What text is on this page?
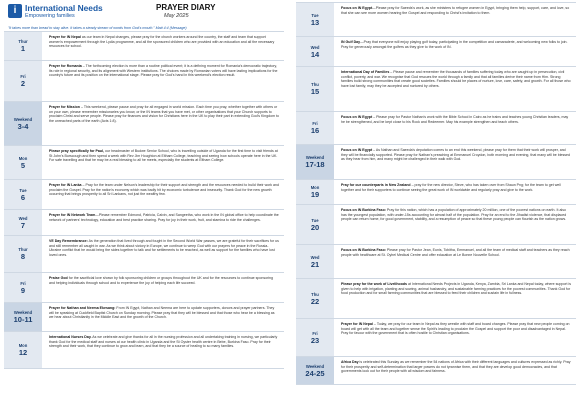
i	International Needs
Empowering families
PRAYER DIARY
May 2025
"It takes more than bread to stay alive. It takes a steady stream of words from God's mouth." Matt 4:4 (Message)
Thur
1
Prayer for IN Nepal as our team in Nepal changes, please pray for the church workers around the country, the staff and team that support women's empowerment through the Lydia programme, and all the sponsored children who are provided with an education and all the necessary resources for school.
Fri
2
Prayer for Romania – The forthcoming election is more than a routine political event; it is a defining moment for Romania's democratic trajectory, its role in regional security, and its alignment with Western institutions. The choices made by Romanian voters will have lasting implications for the country's future and its position on the international stage. Please pray for God's hand in this weekend's election result.
Weekend
3-4
Prayer for Mission – This weekend, please pause and pray for all engaged in world mission. Each time you pray, whether together with others or on your own, please remember missionaries you know, or the IN teams that you have met, or other organisations that your Church supports to proclaim Christ and serve people. Please pray for finances and vision for Christians here in the UK to play their part in extending God's Kingdom to the unreached parts of the earth (Acts 1:8).
Mon
5
Please pray specifically for Paul, our headmaster of Budwe Senior School, who is travelling outside of Uganda for the first time to visit friends at St John's Burscough and then spend a week with Rev Jim Houghton at Eltham College, teaching and seeing how schools operate here in the UK. For safe travelling and that he may be a real blessing to all he meets, especially the students at Eltham College.
Tue
6
Prayer for IN Lanka – Pray for the team under Nelson's leadership for their support and strength and the resources needed to build their work and proclaim the Gospel. Pray for the nation's economy which was badly hit by economic turbulence and insecurity. Thank God for the new growth occurring that brings prosperity to all Sri Lankans, not just the wealthy few.
Wed
7
Prayer for IN Network Team—Please remember Edmond, Patricia, Calvin, and Sangeetha, who work in the IN global office to help coordinate the network of partners' technology, education and best practice sharing. Pray for joy in their work, fruit, and stamina to ride the challenges.
Thur
8
VE Day Remembrance: As the generation that lived through and fought in the Second World War passes, we are grateful for their sacrifices for us and still remember all caught in war. As we think about victory in Europe, we continue to weep God with our prayers for peace in the Russia-Ukraine conflict that he would bring the sides together to talk and for settlements to be reached, as well as support for the families who have lost loved ones.
Fri
9
Praise God for the sacrificial love shown by folk sponsoring children or groups throughout the UK and for the resources to continue sponsoring and helping individuals through school and to experience the joy of helping each life succeed.
Weekend
10-11
Prayer for Nathan and Neema Ekesang: From IN Egypt, Nathan and Neema are here to update supporters, donors and prayer partners. They will be speaking at Cuckfield Baptist Church on Sunday morning. Please pray that they will be blessed and that those who hear be a blessing as we hear about Christianity in the Middle East and the growth of the Church.
Mon
12
International Nurses Day. As we celebrate and give thanks for all in the nursing profession and all undertaking training in nursing, we particularly thank God for the medical staff and nurses at our health clinic in Uganda and the St Oyster health centre in Bebe, Burkina Faso. Pray for their strength and their work, that they continue to grow and learn, and that they be a source of healing to so many families.
Tue
13
Focus on IN Egypt—Please pray for Saeeds's work, as she ministers to refugee women in Egypt, bringing them help, support, care, and love, so that she can see more women hearing the Gospel and responding to Christ's invitation to them.
Wed
14
IN Gulf Day—Pray that everyone will enjoy playing golf today, participating in the competition and camaraderie, and welcoming new folks to join. Pray for generously amongst the golfers as they give to the work of IN.
Thu
15
International Day of Families – Please pause and remember the thousands of families suffering today who are caught up in persecution, civil conflict, poverty, and war. We recognise that God rescues the world through a family and that all families derive their name from Him. Strong families build strong communities that create good societies. Families should be places of nurture, love, care, safety, and growth. For all those who have lost family, may they be accepted and nurtured by others.
Fri
16
Focus on IN Egypt – Please pray for Pastor Nathan's work with the Bible School in Cairo as he trains and teaches young Christian leaders, may he be strengthened, and be kept close to his Rock and Redeemer. May his example strengthen and teach others.
Weekend
17-18
Focus on IN Egypt – As Nathan and Saeeda's deputation comes to an end this weekend, please pray for them that their work will prosper, and they will be financially supported. Please pray for Nathan's preaching at Emmanuel Croydon, both morning and evening, that many will be blessed as they hear from him, and many might be challenged in their walk with God.
Mon
19
Pray for our counterparts in New Zealand – pray for the new director, Steve, who has taken over from Shaun Png; for the team to get well together and for their supporters to continue seeing the great work of IN worldwide and regularly pray and give to the work.
Tue
20
Focus on IN Burkina Faso: Pray for this nation, which has a population of approximately 20 million, one of the poorest nations on earth. It also has the youngest population, with under-15s accounting for almost half of the population. Pray for an end to the Jihadist violence, that displaced people can return home, for good government, stability, and a resumption of peace so that these young people can flourish as the nation grows.
Wed
21
Focus on IN Burkina Faso: Please pray for Pastor Jean, Eunis, Tobitha, Emmanuel, and all the team of medical staff and teachers as they reach people with healthcare at St. Oyhel Medical Centre and offer education at Le Bonne Nouvelle School.
Thu
22
Please pray for the work of Livelihoods at International Needs Projects in Uganda, Kenya, Zambia, Sri Lanka and Nepal today, where support is given to help with irrigation, planting and sowing, animal husbandry, and sustainable farming practices for the poorest communities. Thank God for food production and for small farming communities that are blessed to feed their children and sustain life in fullness.
Fri
23
Prayer for IN Nepal – Today, we pray for our team in Nepal as they wrestle with staff and board changes. Please pray that new people coming on board will get with all the team and together sense the Spirit's leading to proclaim the Gospel and support the poor and disadvantaged in Nepal. Pray for favour with the government that is often hostile to Christian organisations.
Weekend
24-25
Africa Day is celebrated this Sunday as we remember the 54 nations of Africa with their different languages and cultures expressed as richly. Pray for their prosperity and self-determination that larger powers do not tyrannise them, and that they are develop good democracies, and that governments look out for their people with all wisdom and fairness.
